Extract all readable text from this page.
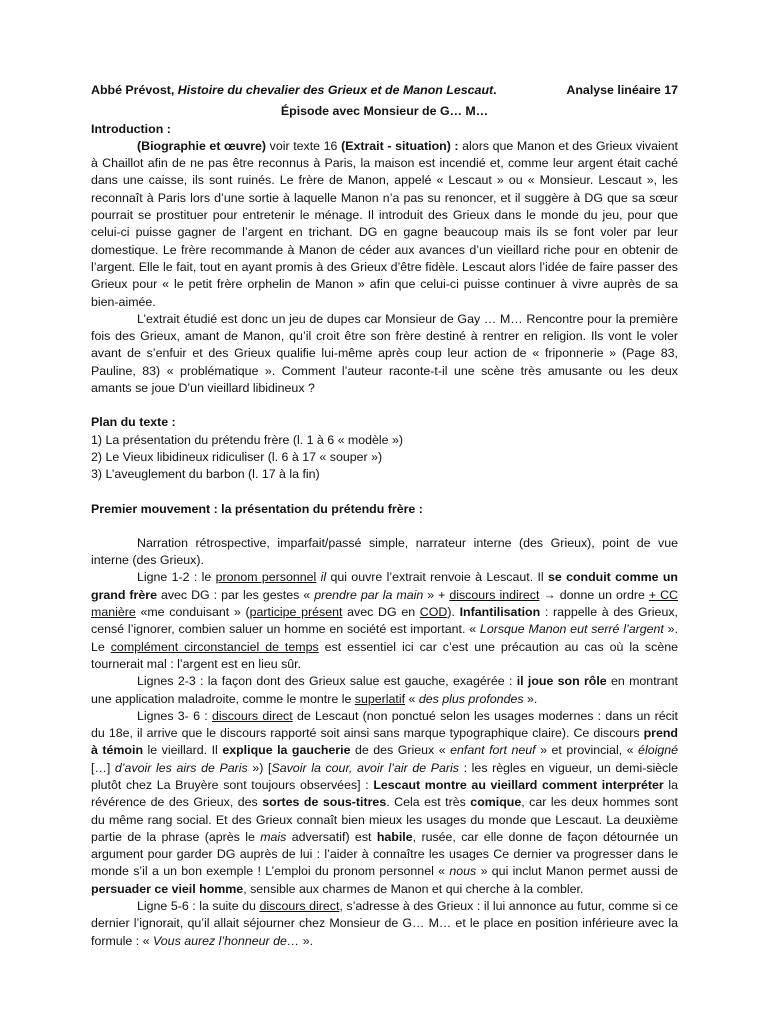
Abbé Prévost, Histoire du chevalier des Grieux et de Manon Lescaut.	Analyse linéaire 17
Épisode avec Monsieur de G… M…
Introduction :

(Biographie et œuvre) voir texte 16 (Extrait - situation) : alors que Manon et des Grieux vivaient à Chaillot afin de ne pas être reconnus à Paris, la maison est incendié et, comme leur argent était caché dans une caisse, ils sont ruinés. Le frère de Manon, appelé « Lescaut » ou « Monsieur. Lescaut », les reconnaît à Paris lors d’une sortie à laquelle Manon n’a pas su renoncer, et il suggère à DG que sa sœur pourrait se prostituer pour entretenir le ménage. Il introduit des Grieux dans le monde du jeu, pour que celui-ci puisse gagner de l’argent en trichant. DG en gagne beaucoup mais ils se font voler par leur domestique. Le frère recommande à Manon de céder aux avances d’un vieillard riche pour en obtenir de l’argent. Elle le fait, tout en ayant promis à des Grieux d’être fidèle. Lescaut alors l’idée de faire passer des Grieux pour « le petit frère orphelin de Manon » afin que celui-ci puisse continuer à vivre auprès de sa bien-aimée.

L’extrait étudié est donc un jeu de dupes car Monsieur de Gay … M… Rencontre pour la première fois des Grieux, amant de Manon, qu’il croit être son frère destiné à rentrer en religion. Ils vont le voler avant de s’enfuir et des Grieux qualifie lui-même après coup leur action de « friponnerie » (Page 83, Pauline, 83) « problématique ». Comment l’auteur raconte-t-il une scène très amusante ou les deux amants se joue D’un vieillard libidineux ?

Plan du texte :
1) La présentation du prétendu frère (l. 1 à 6 « modèle »)
2) Le Vieux libidineux ridiculiser (l. 6 à 17 « souper »)
3) L’aveuglement du barbon (l. 17 à la fin)
Premier mouvement : la présentation du prétendu frère :

Narration rétrospective, imparfait/passé simple, narrateur interne (des Grieux), point de vue interne (des Grieux).

Ligne 1-2 : le pronom personnel il qui ouvre l’extrait renvoie à Lescaut. Il se conduit comme un grand frère avec DG : par les gestes « prendre par la main » + discours indirect → donne un ordre + CC manière «me conduisant » (participe présent avec DG en COD). Infantilisation : rappelle à des Grieux, censé l’ignorer, combien saluer un homme en société est important. « Lorsque Manon eut serré l’argent ». Le complément circonstanciel de temps est essentiel ici car c’est une précaution au cas où la scène tournerait mal : l’argent est en lieu sûr.

Lignes 2-3 : la façon dont des Grieux salue est gauche, exagérée : il joue son rôle en montrant une application maladroite, comme le montre le superlatif « des plus profondes ».

Lignes 3- 6 : discours direct de Lescaut (non ponctué selon les usages modernes : dans un récit du 18e, il arrive que le discours rapporté soit ainsi sans marque typographique claire). Ce discours prend à témoin le vieillard. Il explique la gaucherie de des Grieux « enfant fort neuf » et provincial, « éloigné […] d’avoir les airs de Paris ») [Savoir la cour, avoir l’air de Paris : les règles en vigueur, un demi-siècle plutôt chez La Bruyère sont toujours observées] : Lescaut montre au vieillard comment interpréter la révérence de des Grieux, des sortes de sous-titres. Cela est très comique, car les deux hommes sont du même rang social. Et des Grieux connaît bien mieux les usages du monde que Lescaut. La deuxième partie de la phrase (après le mais adversatif) est habile, rusée, car elle donne de façon détournée un argument pour garder DG auprès de lui : l’aider à connaître les usages Ce dernier va progresser dans le monde s’il a un bon exemple ! L’emploi du pronom personnel « nous » qui inclut Manon permet aussi de persuader ce vieil homme, sensible aux charmes de Manon et qui cherche à la combler.

Ligne 5-6 : la suite du discours direct, s’adresse à des Grieux : il lui annonce au futur, comme si ce dernier l’ignorait, qu’il allait séjourner chez Monsieur de G… M… et le place en position inférieure avec la formule : « Vous aurez l’honneur de… ».
